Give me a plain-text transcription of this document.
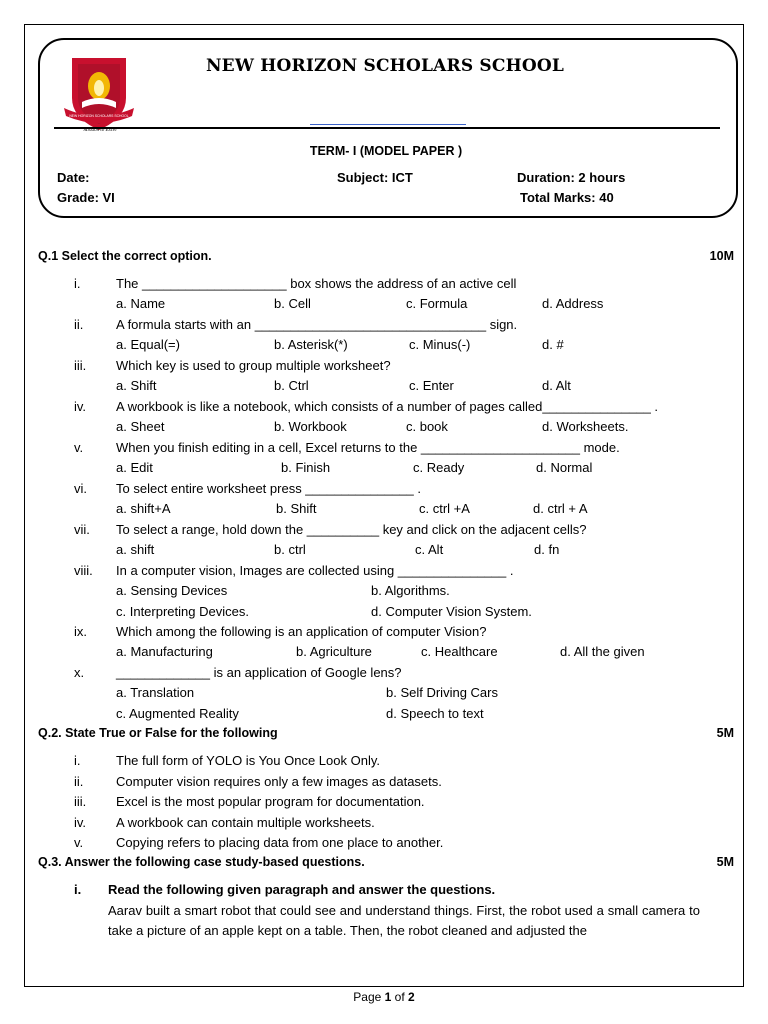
NEW HORIZON SCHOLARS SCHOOL
"Mission to Excel"
NEW HORIZON SCHOLARS SCHOOL
TERM- I (MODEL PAPER )
Date:	Subject: ICT	Duration: 2 hours
Grade: VI	Total Marks: 40
Q.1 Select the correct option.	10M
i.	The ____________________ box shows the address of an active cell
a. Name	b. Cell	c. Formula	d. Address
ii.	A formula starts with an ________________________________ sign.
a. Equal(=)	b. Asterisk(*)	c. Minus(-)	d. #
iii. Which key is used to group multiple worksheet?
a. Shift	b. Ctrl	c. Enter	d. Alt
iv. A workbook is like a notebook, which consists of a number of pages called_______________ .
a. Sheet	b. Workbook	c. book	d. Worksheets.
v.	When you finish editing in a cell, Excel returns to the ______________________ mode.
a. Edit	b. Finish	c. Ready	d. Normal
vi. To select entire worksheet press _______________ .
a. shift+A	b. Shift	c. ctrl +A	d. ctrl + A
vii. To select a range, hold down the __________ key and click on the adjacent cells?
a. shift	b. ctrl	c. Alt	d. fn
viii. In a computer vision, Images are collected using _______________ .
a. Sensing Devices	b. Algorithms.
c. Interpreting Devices.	d. Computer Vision System.
ix. Which among the following is an application of computer Vision?
a. Manufacturing	b. Agriculture	c. Healthcare	d. All the given
x. _____________ is an application of Google lens?
a. Translation	b. Self Driving Cars
c. Augmented Reality	d. Speech to text
Q.2. State True or False for the following	5M
i.	The full form of YOLO is You Once Look Only.
ii.	Computer vision requires only a few images as datasets.
iii. Excel is the most popular program for documentation.
iv. A workbook can contain multiple worksheets.
v.	Copying refers to placing data from one place to another.
Q.3. Answer the following case study-based questions.	5M
i. Read the following given paragraph and answer the questions.
Aarav built a smart robot that could see and understand things. First, the robot used a small camera to take a picture of an apple kept on a table. Then, the robot cleaned and adjusted the
Page 1 of 2
